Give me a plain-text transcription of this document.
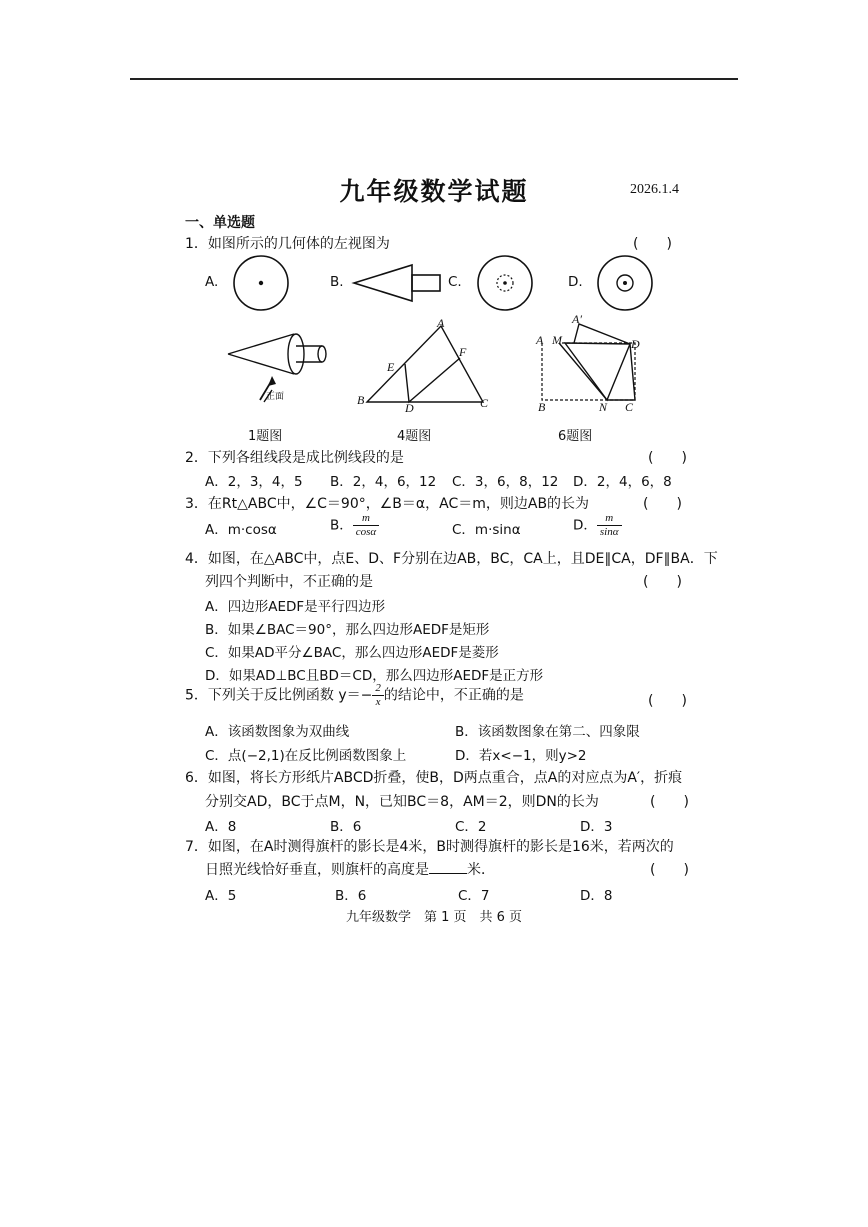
九年级数学试题	2026.1.4
一、单选题
1．如图所示的几何体的左视图为	(　　)
A.	B.	C.	D.
正面
A
E
F
B
D	C
A′
A M	D
B	N C
1题图	4题图	6题图
2．下列各组线段是成比例线段的是	(　　)
A．2，3，4，5 B．2，4，6，12 C．3，6，8，12 D．2，4，6，8
3．在Rt△ABC中，∠C＝90°，∠B＝α，AC＝m，则边AB的长为	(　　)
A．m·cosα	B． $\frac{m}{\cos\alpha}$	C．m·sinα	D． $\frac{m}{\sin\alpha}$
4．如图，在△ABC中，点E、D、F分别在边AB，BC，CA上，且DE∥CA，DF∥BA．下
列四个判断中，不正确的是	(　　)
A．四边形AEDF是平行四边形
B．如果∠BAC＝90°，那么四边形AEDF是矩形
C．如果AD平分∠BAC，那么四边形AEDF是菱形
D．如果AD⊥BC且BD＝CD，那么四边形AEDF是正方形
5．下列关于反比例函数 $y=- \frac{2}{x}$ 的结论中，不正确的是	(　　)
A．该函数图象为双曲线	B．该函数图象在第二、四象限
C．点(−2,1)在反比例函数图象上	D．若x<−1，则y>2
6．如图，将长方形纸片ABCD折叠，使B，D两点重合，点A的对应点为A′，折痕
分别交AD，BC于点M，N，已知BC＝8，AM＝2，则DN的长为	(　　)
A．8	B．6	C．2	D．3
7．如图，在A时测得旗杆的影长是4米，B时测得旗杆的影长是16米，若两次的
日照光线恰好垂直，则旗杆的高度是	米．	(　　)
A．5	B．6	C．7	D．8
九年级数学　第 1 页　共 6 页
